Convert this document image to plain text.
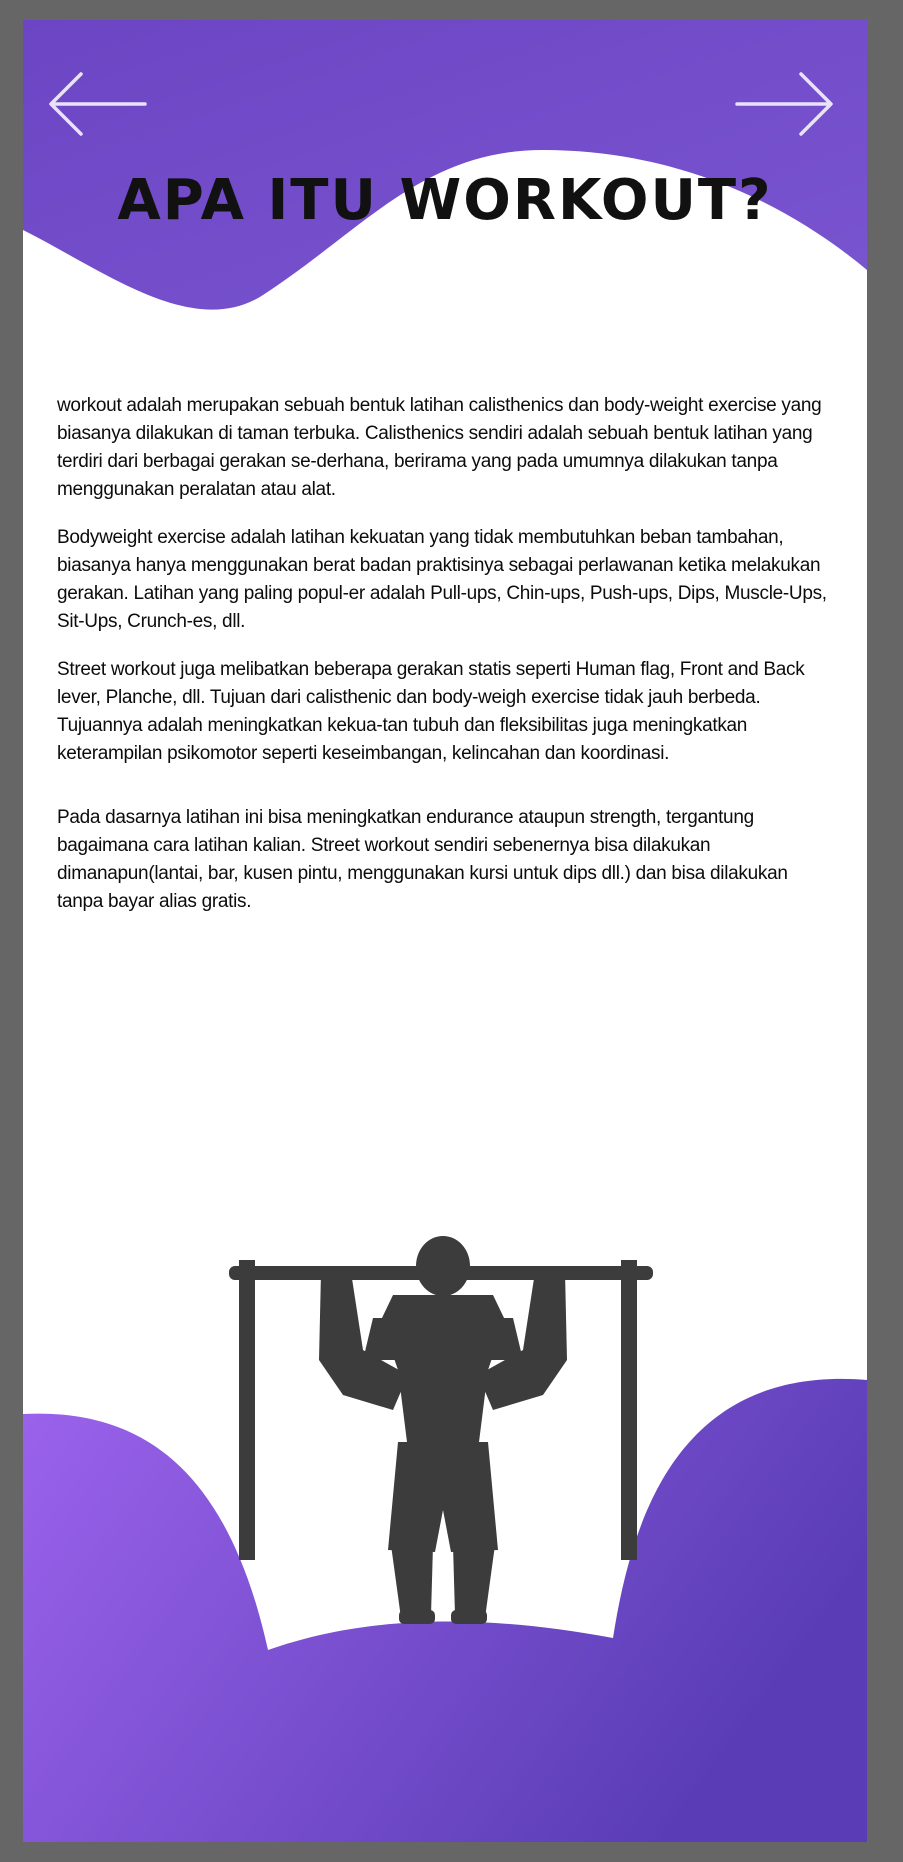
APA ITU WORKOUT?

workout adalah merupakan sebuah bentuk latihan calisthenics dan body-weight exercise yang biasanya dilakukan di taman terbuka. Calisthenics sendiri adalah sebuah bentuk latihan yang terdiri dari berbagai gerakan se-derhana, berirama yang pada umumnya dilakukan tanpa menggunakan peralatan atau alat.

Bodyweight exercise adalah latihan kekuatan yang tidak membutuhkan beban tambahan, biasanya hanya menggunakan berat badan praktisinya sebagai perlawanan ketika melakukan gerakan. Latihan yang paling popul-er adalah Pull-ups, Chin-ups, Push-ups, Dips, Muscle-Ups, Sit-Ups, Crunch-es, dll.

Street workout juga melibatkan beberapa gerakan statis seperti Human flag, Front and Back lever, Planche, dll. Tujuan dari calisthenic dan body-weigh exercise tidak jauh berbeda. Tujuannya adalah meningkatkan kekua-tan tubuh dan fleksibilitas juga meningkatkan keterampilan psikomotor seperti keseimbangan, kelincahan dan koordinasi.

Pada dasarnya latihan ini bisa meningkatkan endurance ataupun strength, tergantung bagaimana cara latihan kalian. Street workout sendiri sebenernya bisa dilakukan dimanapun(lantai, bar, kusen pintu, menggunakan kursi untuk dips dll.) dan bisa dilakukan tanpa bayar alias gratis.
